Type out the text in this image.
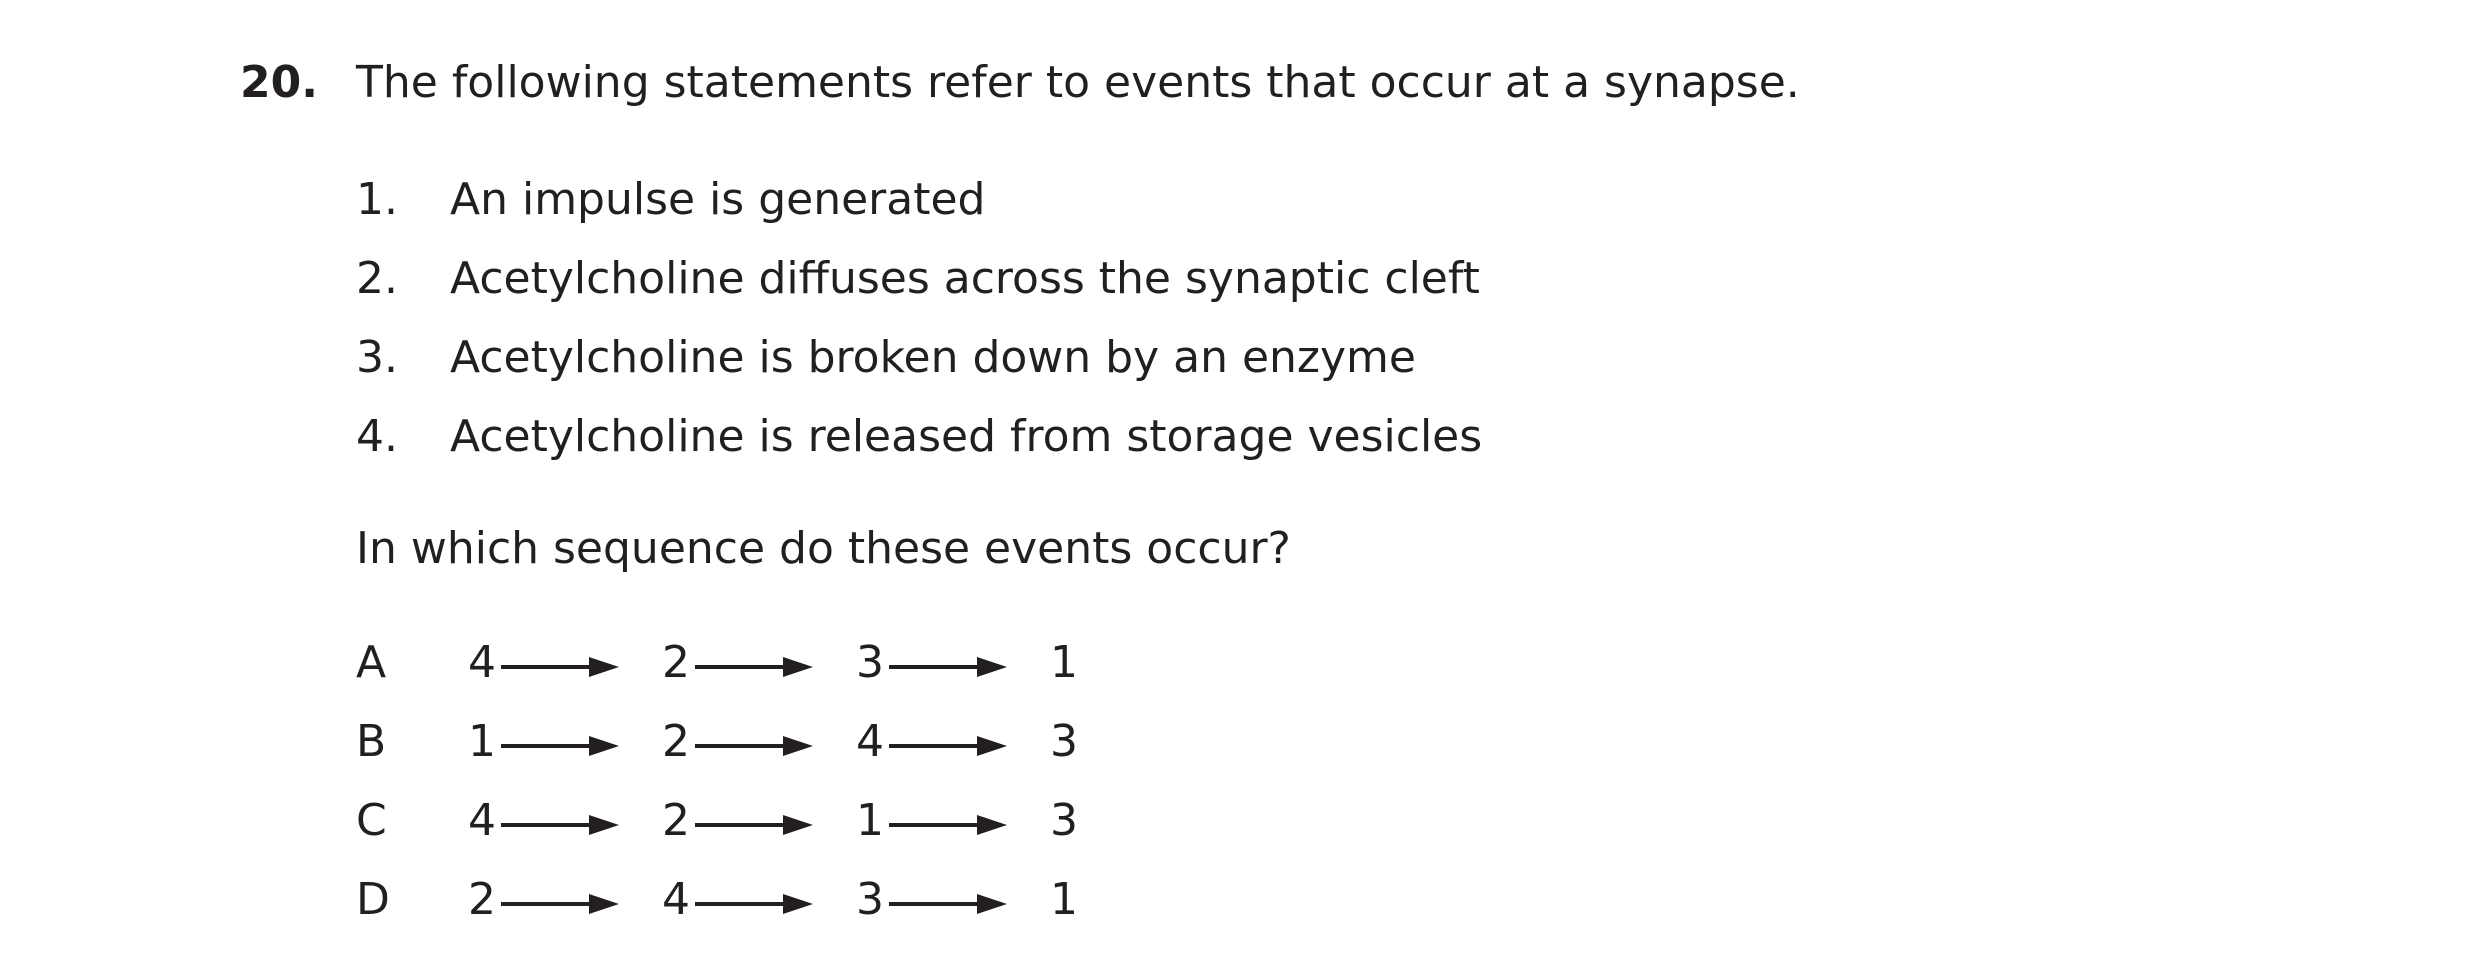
20. The following statements refer to events that occur at a synapse.
1.	An impulse is generated
2.	Acetylcholine diffuses across the synaptic cleft
3.	Acetylcholine is broken down by an enzyme
4.	Acetylcholine is released from storage vesicles
In which sequence do these events occur?
A 4	2	3	1
B 1	2	4	3
C 4	2	1	3
D 2	4	3	1
